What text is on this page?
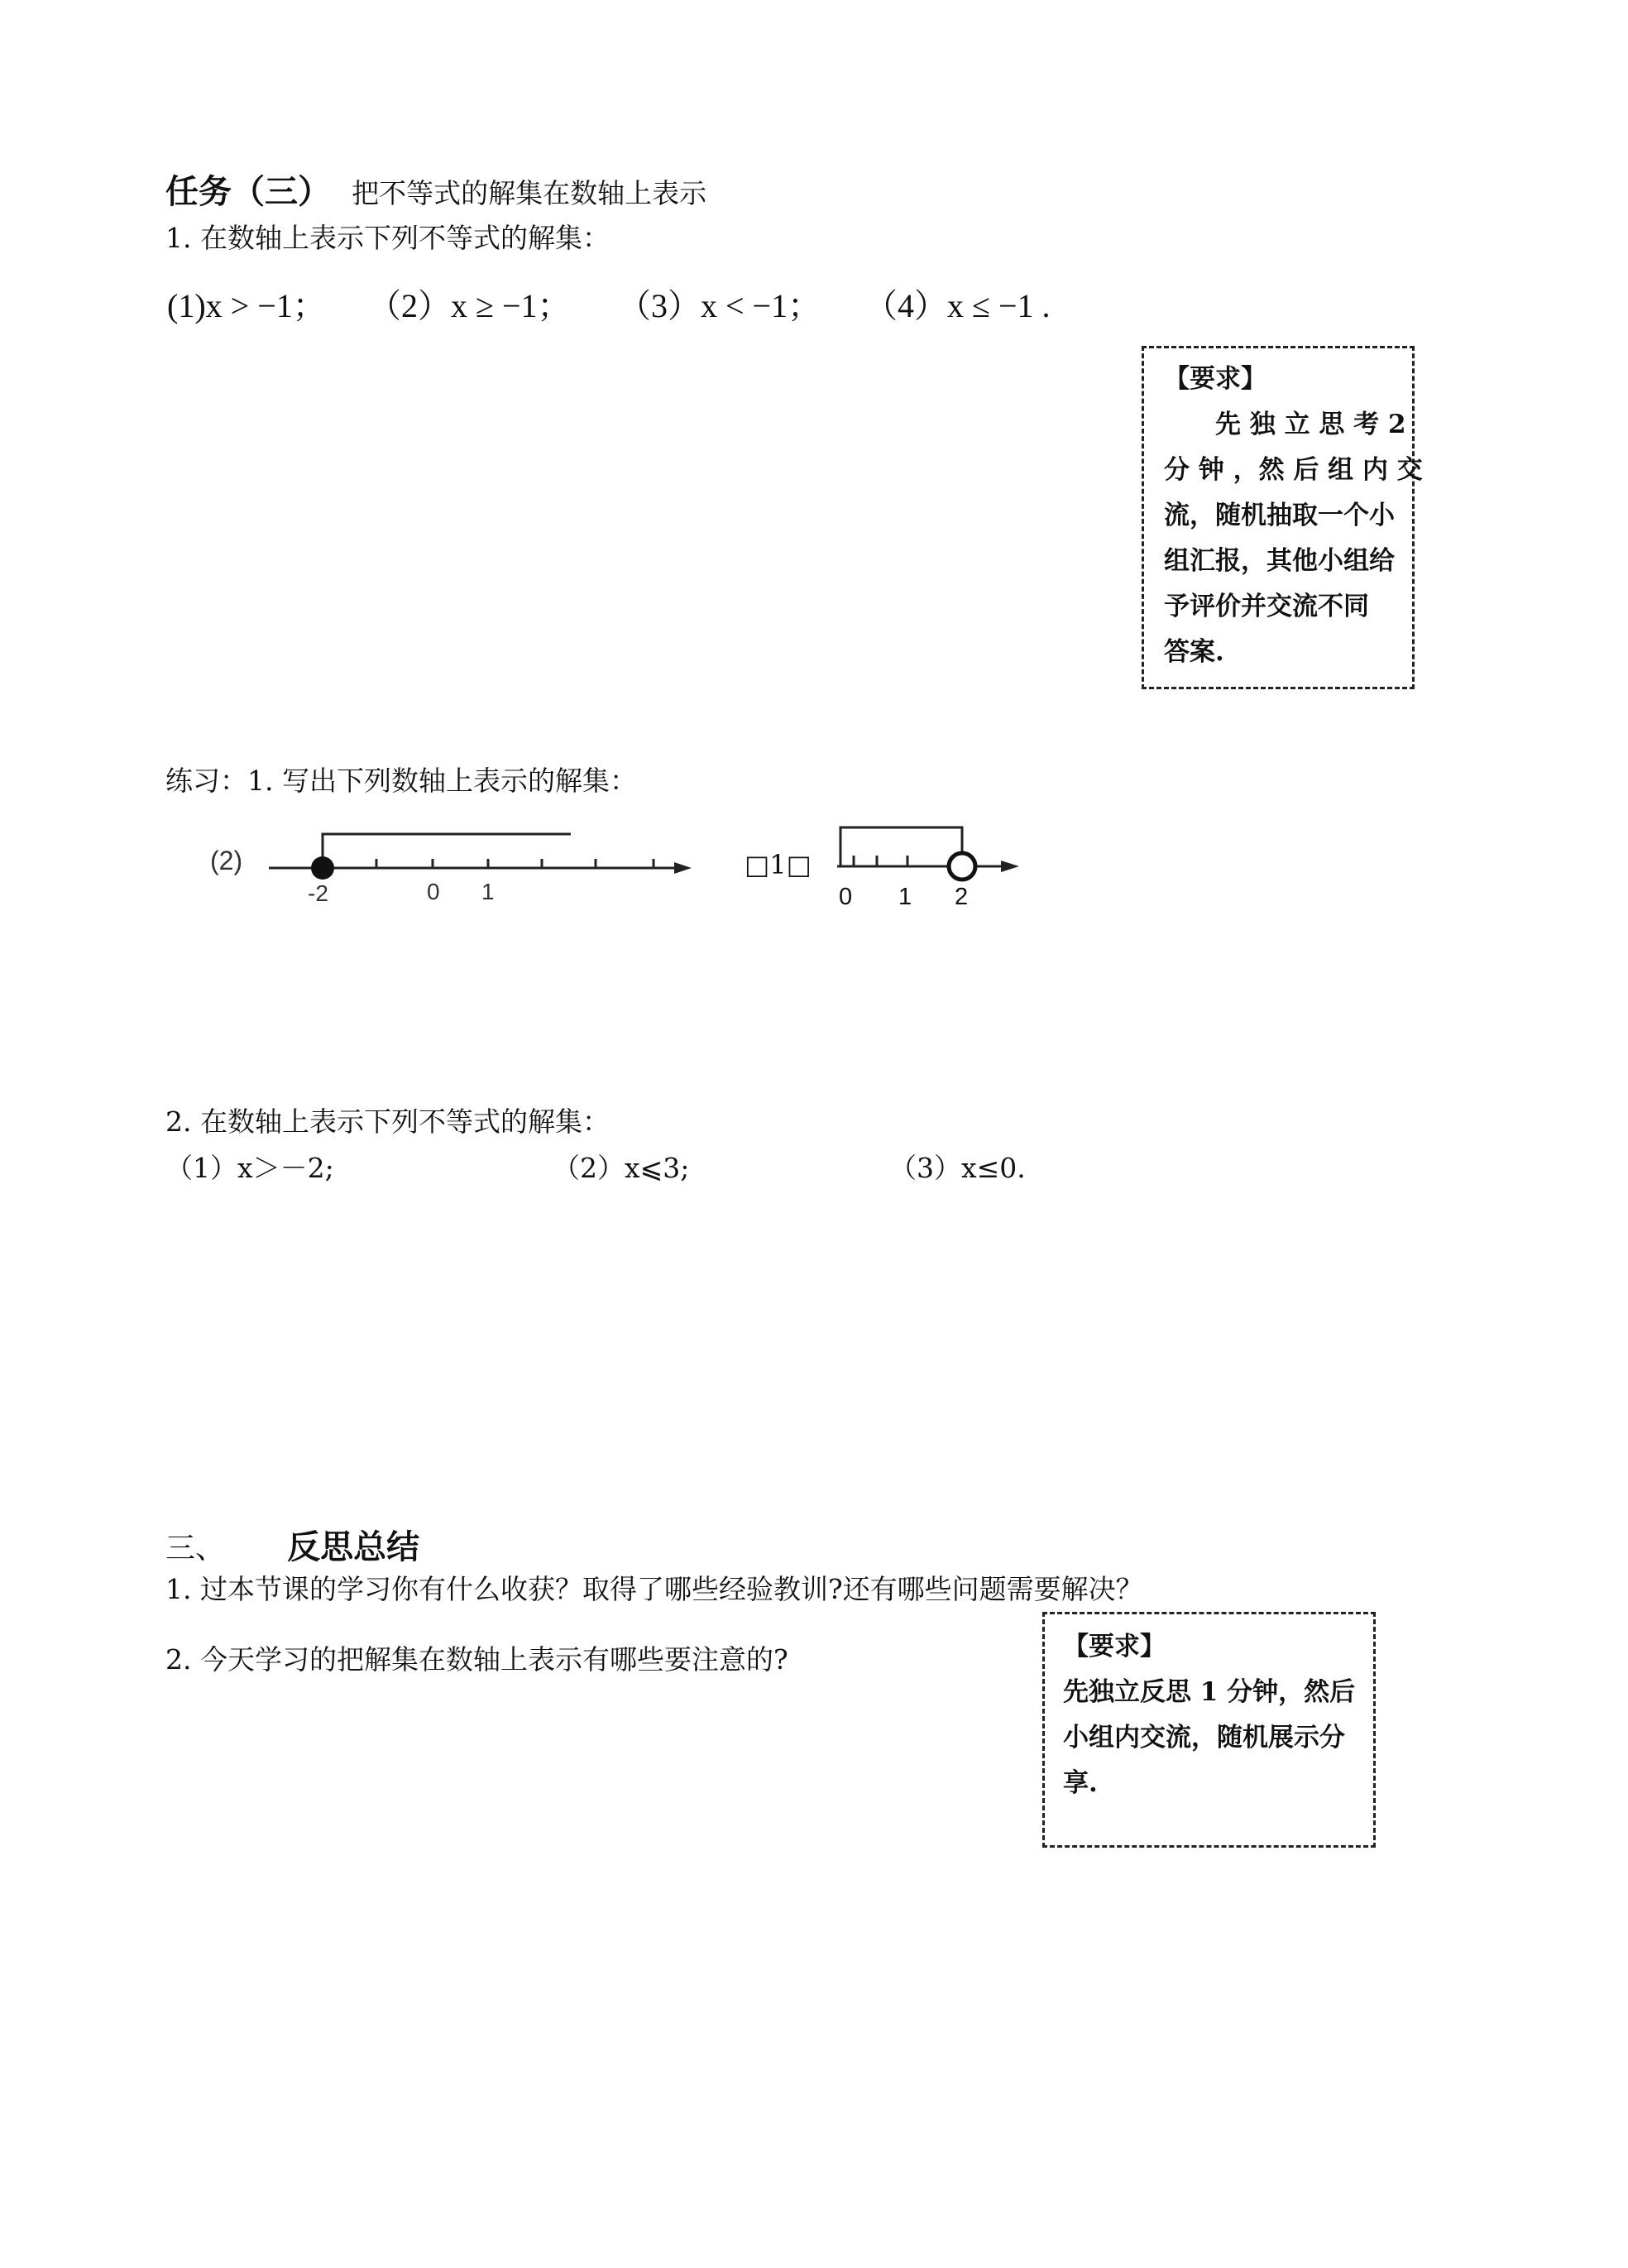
任务（三） 把不等式的解集在数轴上表示
1. 在数轴上表示下列不等式的解集：
(1)x > −1； （2）x ≥ −1； （3）x < −1； （4）x ≤ −1 .
【要求】
先 独 立 思 考 2
分 钟 ，然 后 组 内 交
流，随机抽取一个小
组汇报，其他小组给
予评价并交流不同
答案.
练习：1. 写出下列数轴上表示的解集：
(2)
-2	0 1
□1□
0 1 2
2. 在数轴上表示下列不等式的解集：
（1）x＞－2;	（2）x⩽3;	（3）x≤0.
三、 反思总结
1. 过本节课的学习你有什么收获？取得了哪些经验教训?还有哪些问题需要解决？
2. 今天学习的把解集在数轴上表示有哪些要注意的?	【要求】
先独立反思 1 分钟，然后
小组内交流，随机展示分
享.
